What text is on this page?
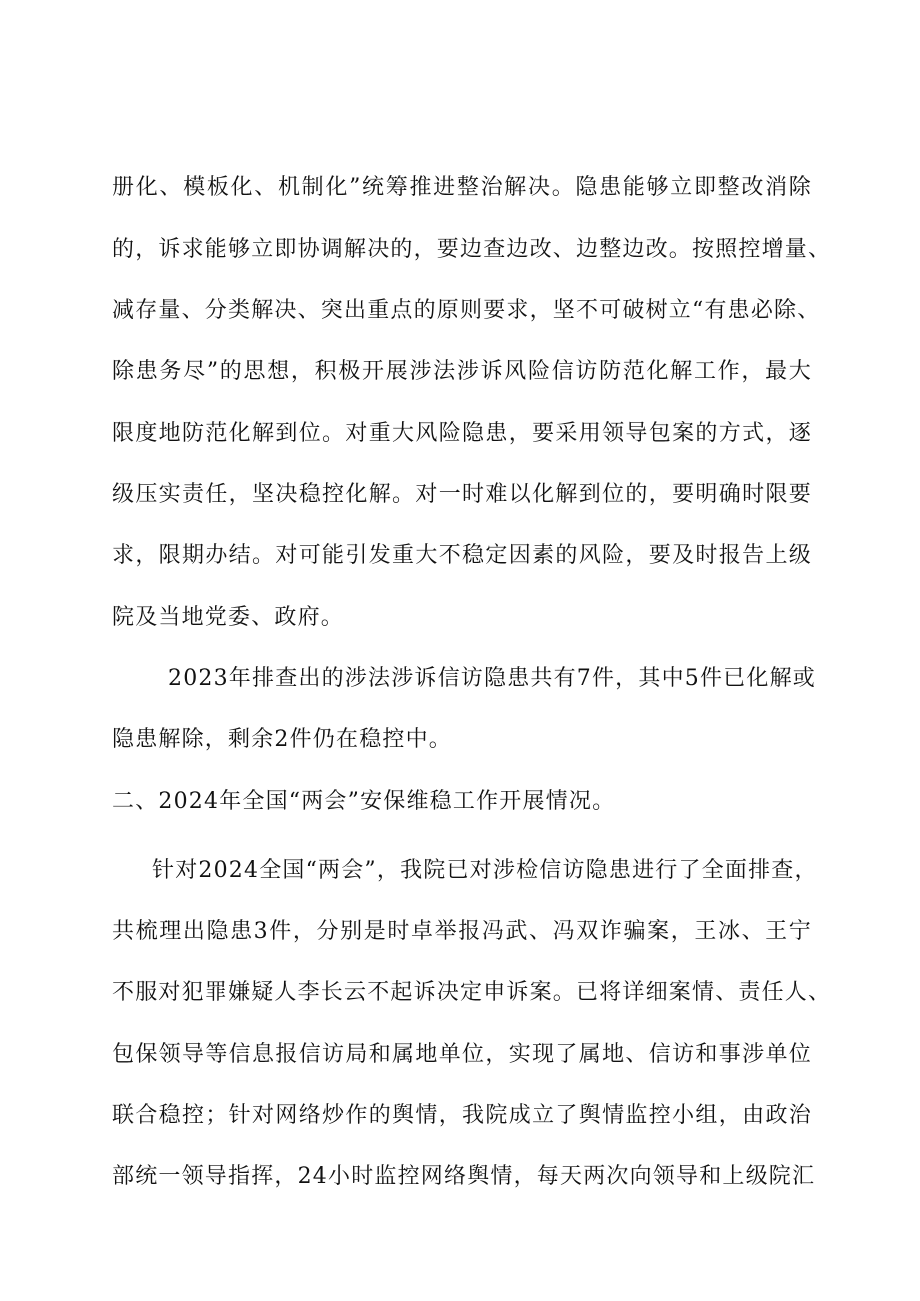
册化、模板化、机制化”统筹推进整治解决。隐患能够立即整改消除
的，诉求能够立即协调解决的，要边查边改、边整边改。按照控增量、
减存量、分类解决、突出重点的原则要求，坚不可破树立“有患必除、
除患务尽”的思想，积极开展涉法涉诉风险信访防范化解工作，最大
限度地防范化解到位。对重大风险隐患，要采用领导包案的方式，逐
级压实责任，坚决稳控化解。对一时难以化解到位的，要明确时限要
求，限期办结。对可能引发重大不稳定因素的风险，要及时报告上级
院及当地党委、政府。
2023年排查出的涉法涉诉信访隐患共有7件，其中5件已化解或
隐患解除，剩余2件仍在稳控中。
二、2024年全国“两会”安保维稳工作开展情况。
针对2024全国“两会”，我院已对涉检信访隐患进行了全面排查，
共梳理出隐患3件，分别是时卓举报冯武、冯双诈骗案，王冰、王宁
不服对犯罪嫌疑人李长云不起诉决定申诉案。已将详细案情、责任人、
包保领导等信息报信访局和属地单位，实现了属地、信访和事涉单位
联合稳控；针对网络炒作的舆情，我院成立了舆情监控小组，由政治
部统一领导指挥，24小时监控网络舆情，每天两次向领导和上级院汇
